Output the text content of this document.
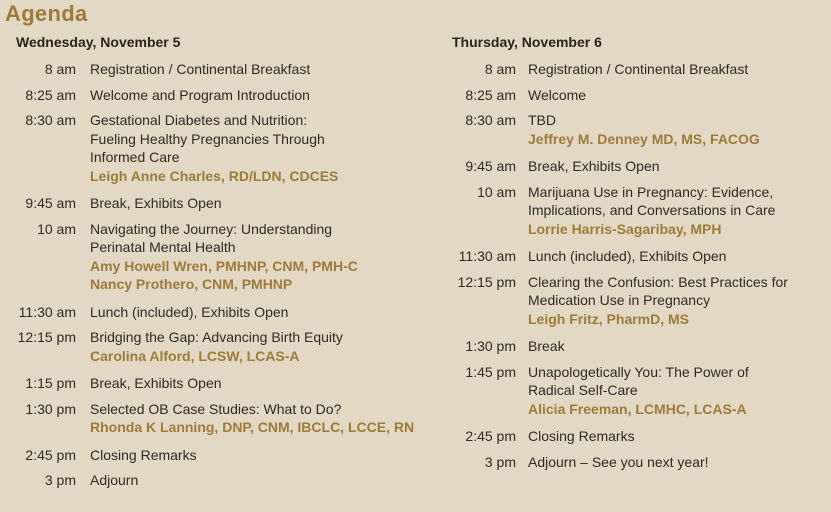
Agenda
Wednesday, November 5
8 am Registration / Continental Breakfast
8:25 am Welcome and Program Introduction
8:30 am Gestational Diabetes and Nutrition:
Fueling Healthy Pregnancies Through
Informed Care
Leigh Anne Charles, RD/LDN, CDCES
9:45 am Break, Exhibits Open
10 am Navigating the Journey: Understanding
Perinatal Mental Health
Amy Howell Wren, PMHNP, CNM, PMH-C
Nancy Prothero, CNM, PMHNP
11:30 am Lunch (included), Exhibits Open
12:15 pm Bridging the Gap: Advancing Birth Equity
Carolina Alford, LCSW, LCAS-A
1:15 pm Break, Exhibits Open
1:30 pm Selected OB Case Studies: What to Do?
Rhonda K Lanning, DNP, CNM, IBCLC, LCCE, RN
2:45 pm Closing Remarks
3 pm Adjourn
Thursday, November 6
8 am Registration / Continental Breakfast
8:25 am Welcome
8:30 am TBD
Jeffrey M. Denney MD, MS, FACOG
9:45 am Break, Exhibits Open
10 am Marijuana Use in Pregnancy: Evidence,
Implications, and Conversations in Care
Lorrie Harris-Sagaribay, MPH
11:30 am Lunch (included), Exhibits Open
12:15 pm Clearing the Confusion: Best Practices for
Medication Use in Pregnancy
Leigh Fritz, PharmD, MS
1:30 pm Break
1:45 pm Unapologetically You: The Power of
Radical Self-Care
Alicia Freeman, LCMHC, LCAS-A
2:45 pm Closing Remarks
3 pm Adjourn – See you next year!
